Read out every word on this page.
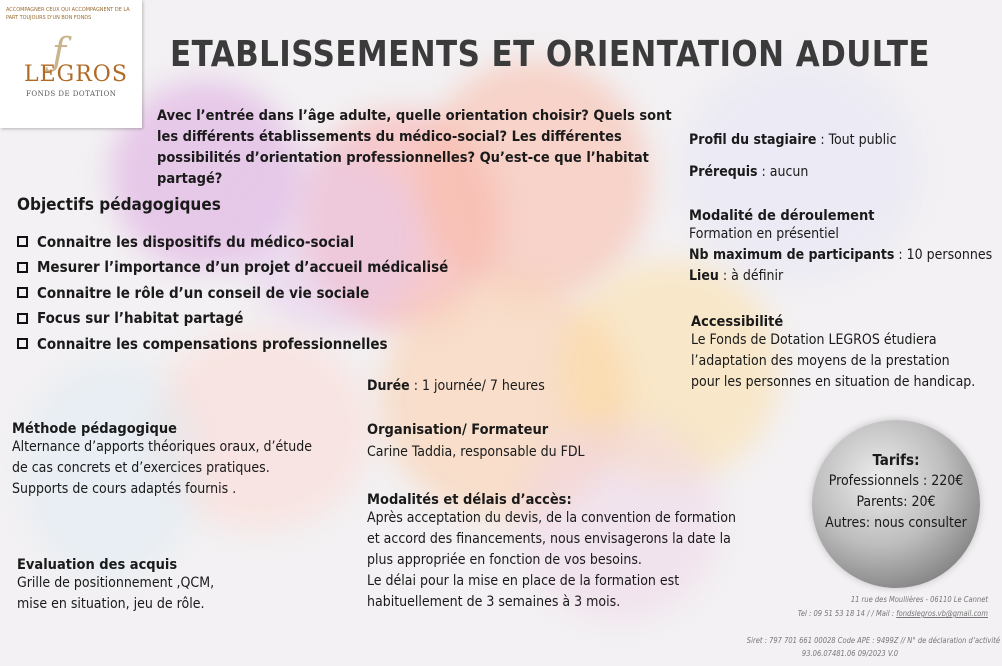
ACCOMPAGNER CEUX QUI ACCOMPAGNENT DE LA PART TOUJOURS D'UN BON FONDS
ƒ
LEGROS
FONDS DE DOTATION
ETABLISSEMENTS ET ORIENTATION ADULTE
Avec l’entrée dans l’âge adulte, quelle orientation choisir? Quels sont les différents établissements du médico-social? Les différentes possibilités d’orientation professionnelles? Qu’est-ce que l’habitat partagé?
Objectifs pédagogiques
Connaitre les dispositifs du médico-social
Mesurer l’importance d’un projet d’accueil médicalisé
Connaitre le rôle d’un conseil de vie sociale
Focus sur l’habitat partagé
Connaitre les compensations professionnelles
Durée : 1 journée/ 7 heures
Méthode pédagogique
Alternance d’apports théoriques oraux, d’étude
de cas concrets et d’exercices pratiques.
Supports de cours adaptés fournis .
Organisation/ Formateur
Carine Taddia, responsable du FDL
Modalités et délais d’accès:
Après acceptation du devis, de la convention de formation
et accord des financements, nous envisagerons la date la
plus appropriée en fonction de vos besoins.
Le délai pour la mise en place de la formation est
habituellement de 3 semaines à 3 mois.
Evaluation des acquis
Grille de positionnement ,QCM,
mise en situation, jeu de rôle.
Profil du stagiaire : Tout public
Prérequis : aucun
Modalité de déroulement
Formation en présentiel
Nb maximum de participants : 10 personnes
Lieu : à définir
Accessibilité
Le Fonds de Dotation LEGROS étudiera
l’adaptation des moyens de la prestation
pour les personnes en situation de handicap.
Tarifs:
Professionnels : 220€
Parents: 20€
Autres: nous consulter
11 rue des Moullières - 06110 Le Cannet
Tel : 09 51 53 18 14 / / Mail : fondslegros.vb@gmail.com
Siret : 797 701 661 00028 Code APE : 9499Z // N° de déclaration d’activité
93.06.07481.06 09/2023 V.0
